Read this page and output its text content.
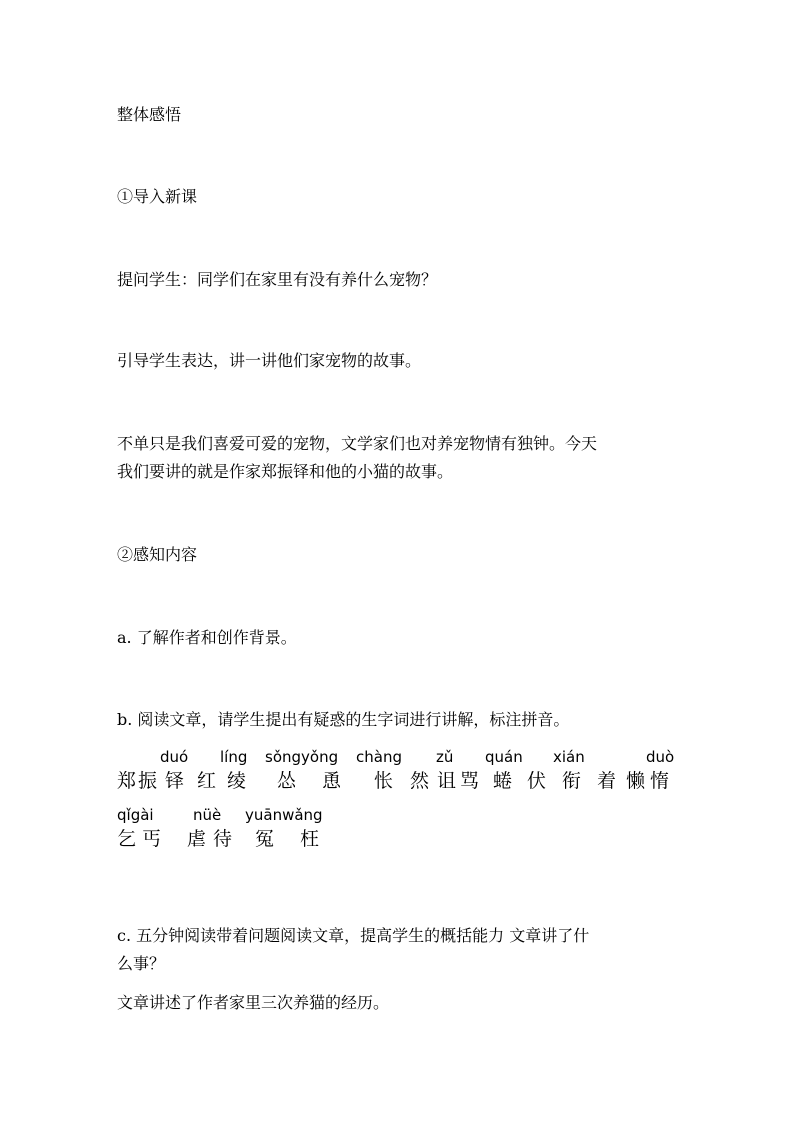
整体感悟

①导入新课

提问学生：同学们在家里有没有养什么宠物？

引导学生表达，讲一讲他们家宠物的故事。

不单只是我们喜爱可爱的宠物，文学家们也对养宠物情有独钟。今天

我们要讲的就是作家郑振铎和他的小猫的故事。

②感知内容

a. 了解作者和创作背景。

b. 阅读文章，请学生提出有疑惑的生字词进行讲解，标注拼音。

duó líng sǒngyǒng chàng zǔ quán xián	duò
郑 振 铎 红 绫 怂 恿 怅 然 诅 骂 蜷 伏 衔 着 懒 惰
qǐgài	nüè yuānwǎng
乞 丐 虐 待 冤 枉

c. 五分钟阅读带着问题阅读文章，提高学生的概括能力 文章讲了什

么事？

文章讲述了作者家里三次养猫的经历。
